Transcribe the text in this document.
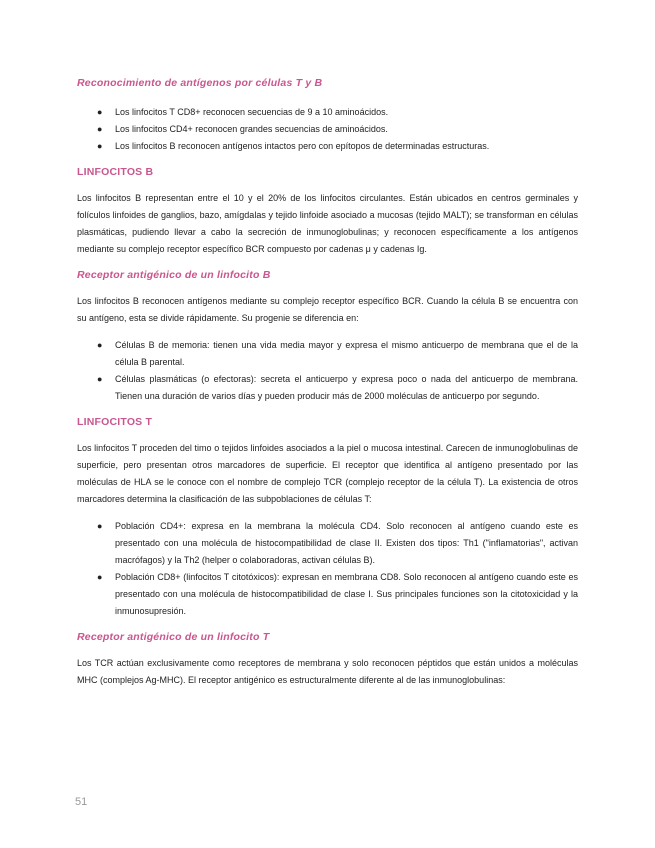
Reconocimiento de antígenos por células T y B
● Los linfocitos T CD8+ reconocen secuencias de 9 a 10 aminoácidos.
● Los linfocitos CD4+ reconocen grandes secuencias de aminoácidos.
● Los linfocitos B reconocen antígenos intactos pero con epítopos de determinadas estructuras.
LINFOCITOS B

Los linfocitos B representan entre el 10 y el 20% de los linfocitos circulantes. Están ubicados en centros germinales y folículos linfoides de ganglios, bazo, amígdalas y tejido linfoide asociado a mucosas (tejido MALT); se transforman en células plasmáticas, pudiendo llevar a cabo la secreción de inmunoglobulinas; y reconocen específicamente a los antígenos mediante su complejo receptor específico BCR compuesto por cadenas μ y cadenas Ig.

Receptor antigénico de un linfocito B

Los linfocitos B reconocen antígenos mediante su complejo receptor específico BCR. Cuando la célula B se encuentra con su antígeno, esta se divide rápidamente. Su progenie se diferencia en:

● Células B de memoria: tienen una vida media mayor y expresa el mismo anticuerpo de membrana que el de la célula B parental.
● Células plasmáticas (o efectoras): secreta el anticuerpo y expresa poco o nada del anticuerpo de membrana. Tienen una duración de varios días y pueden producir más de 2000 moléculas de anticuerpo por segundo.
LINFOCITOS T

Los linfocitos T proceden del timo o tejidos linfoides asociados a la piel o mucosa intestinal. Carecen de inmunoglobulinas de superficie, pero presentan otros marcadores de superficie. El receptor que identifica al antígeno presentado por las moléculas de HLA se le conoce con el nombre de complejo TCR (complejo receptor de la célula T). La existencia de otros marcadores determina la clasificación de las subpoblaciones de células T:

● Población CD4+: expresa en la membrana la molécula CD4. Solo reconocen al antígeno cuando este es presentado con una molécula de histocompatibilidad de clase II. Existen dos tipos: Th1 ("inflamatorias", activan macrófagos) y la Th2 (helper o colaboradoras, activan células B).
● Población CD8+ (linfocitos T citotóxicos): expresan en membrana CD8. Solo reconocen al antígeno cuando este es presentado con una molécula de histocompatibilidad de clase I. Sus principales funciones son la citotoxicidad y la inmunosupresión.
Receptor antigénico de un linfocito T

Los TCR actúan exclusivamente como receptores de membrana y solo reconocen péptidos que están unidos a moléculas MHC (complejos Ag-MHC). El receptor antigénico es estructuralmente diferente al de las inmunoglobulinas:

51
